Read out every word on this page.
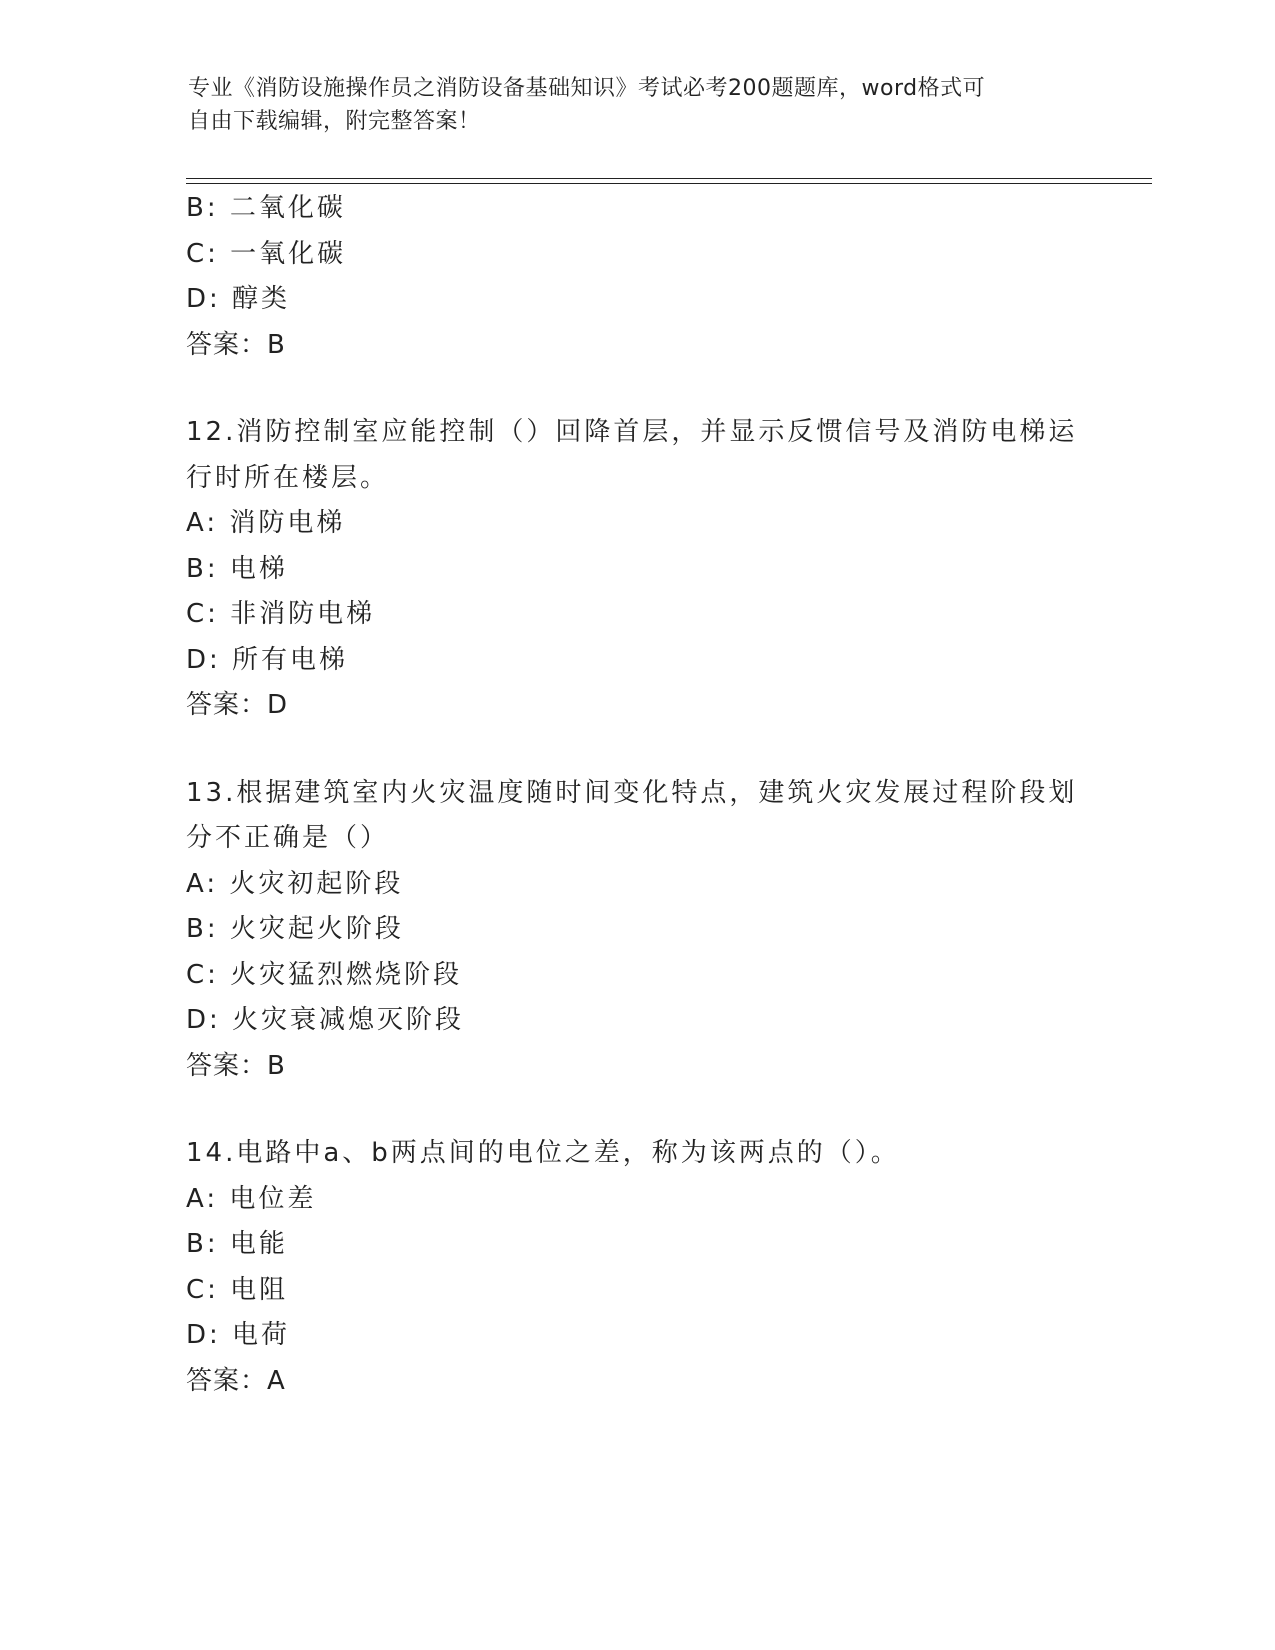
专业《消防设施操作员之消防设备基础知识》考试必考200题题库，word格式可
自由下载编辑，附完整答案！
B: 二氧化碳
C: 一氧化碳
D: 醇类
答案：B
12.消防控制室应能控制（）回降首层，并显示反惯信号及消防电梯运
行时所在楼层。
A: 消防电梯
B: 电梯
C: 非消防电梯
D: 所有电梯
答案：D
13.根据建筑室内火灾温度随时间变化特点，建筑火灾发展过程阶段划
分不正确是（）
A: 火灾初起阶段
B: 火灾起火阶段
C: 火灾猛烈燃烧阶段
D: 火灾衰减熄灭阶段
答案：B
14.电路中a、b两点间的电位之差，称为该两点的（）。
A: 电位差
B: 电能
C: 电阻
D: 电荷
答案：A
